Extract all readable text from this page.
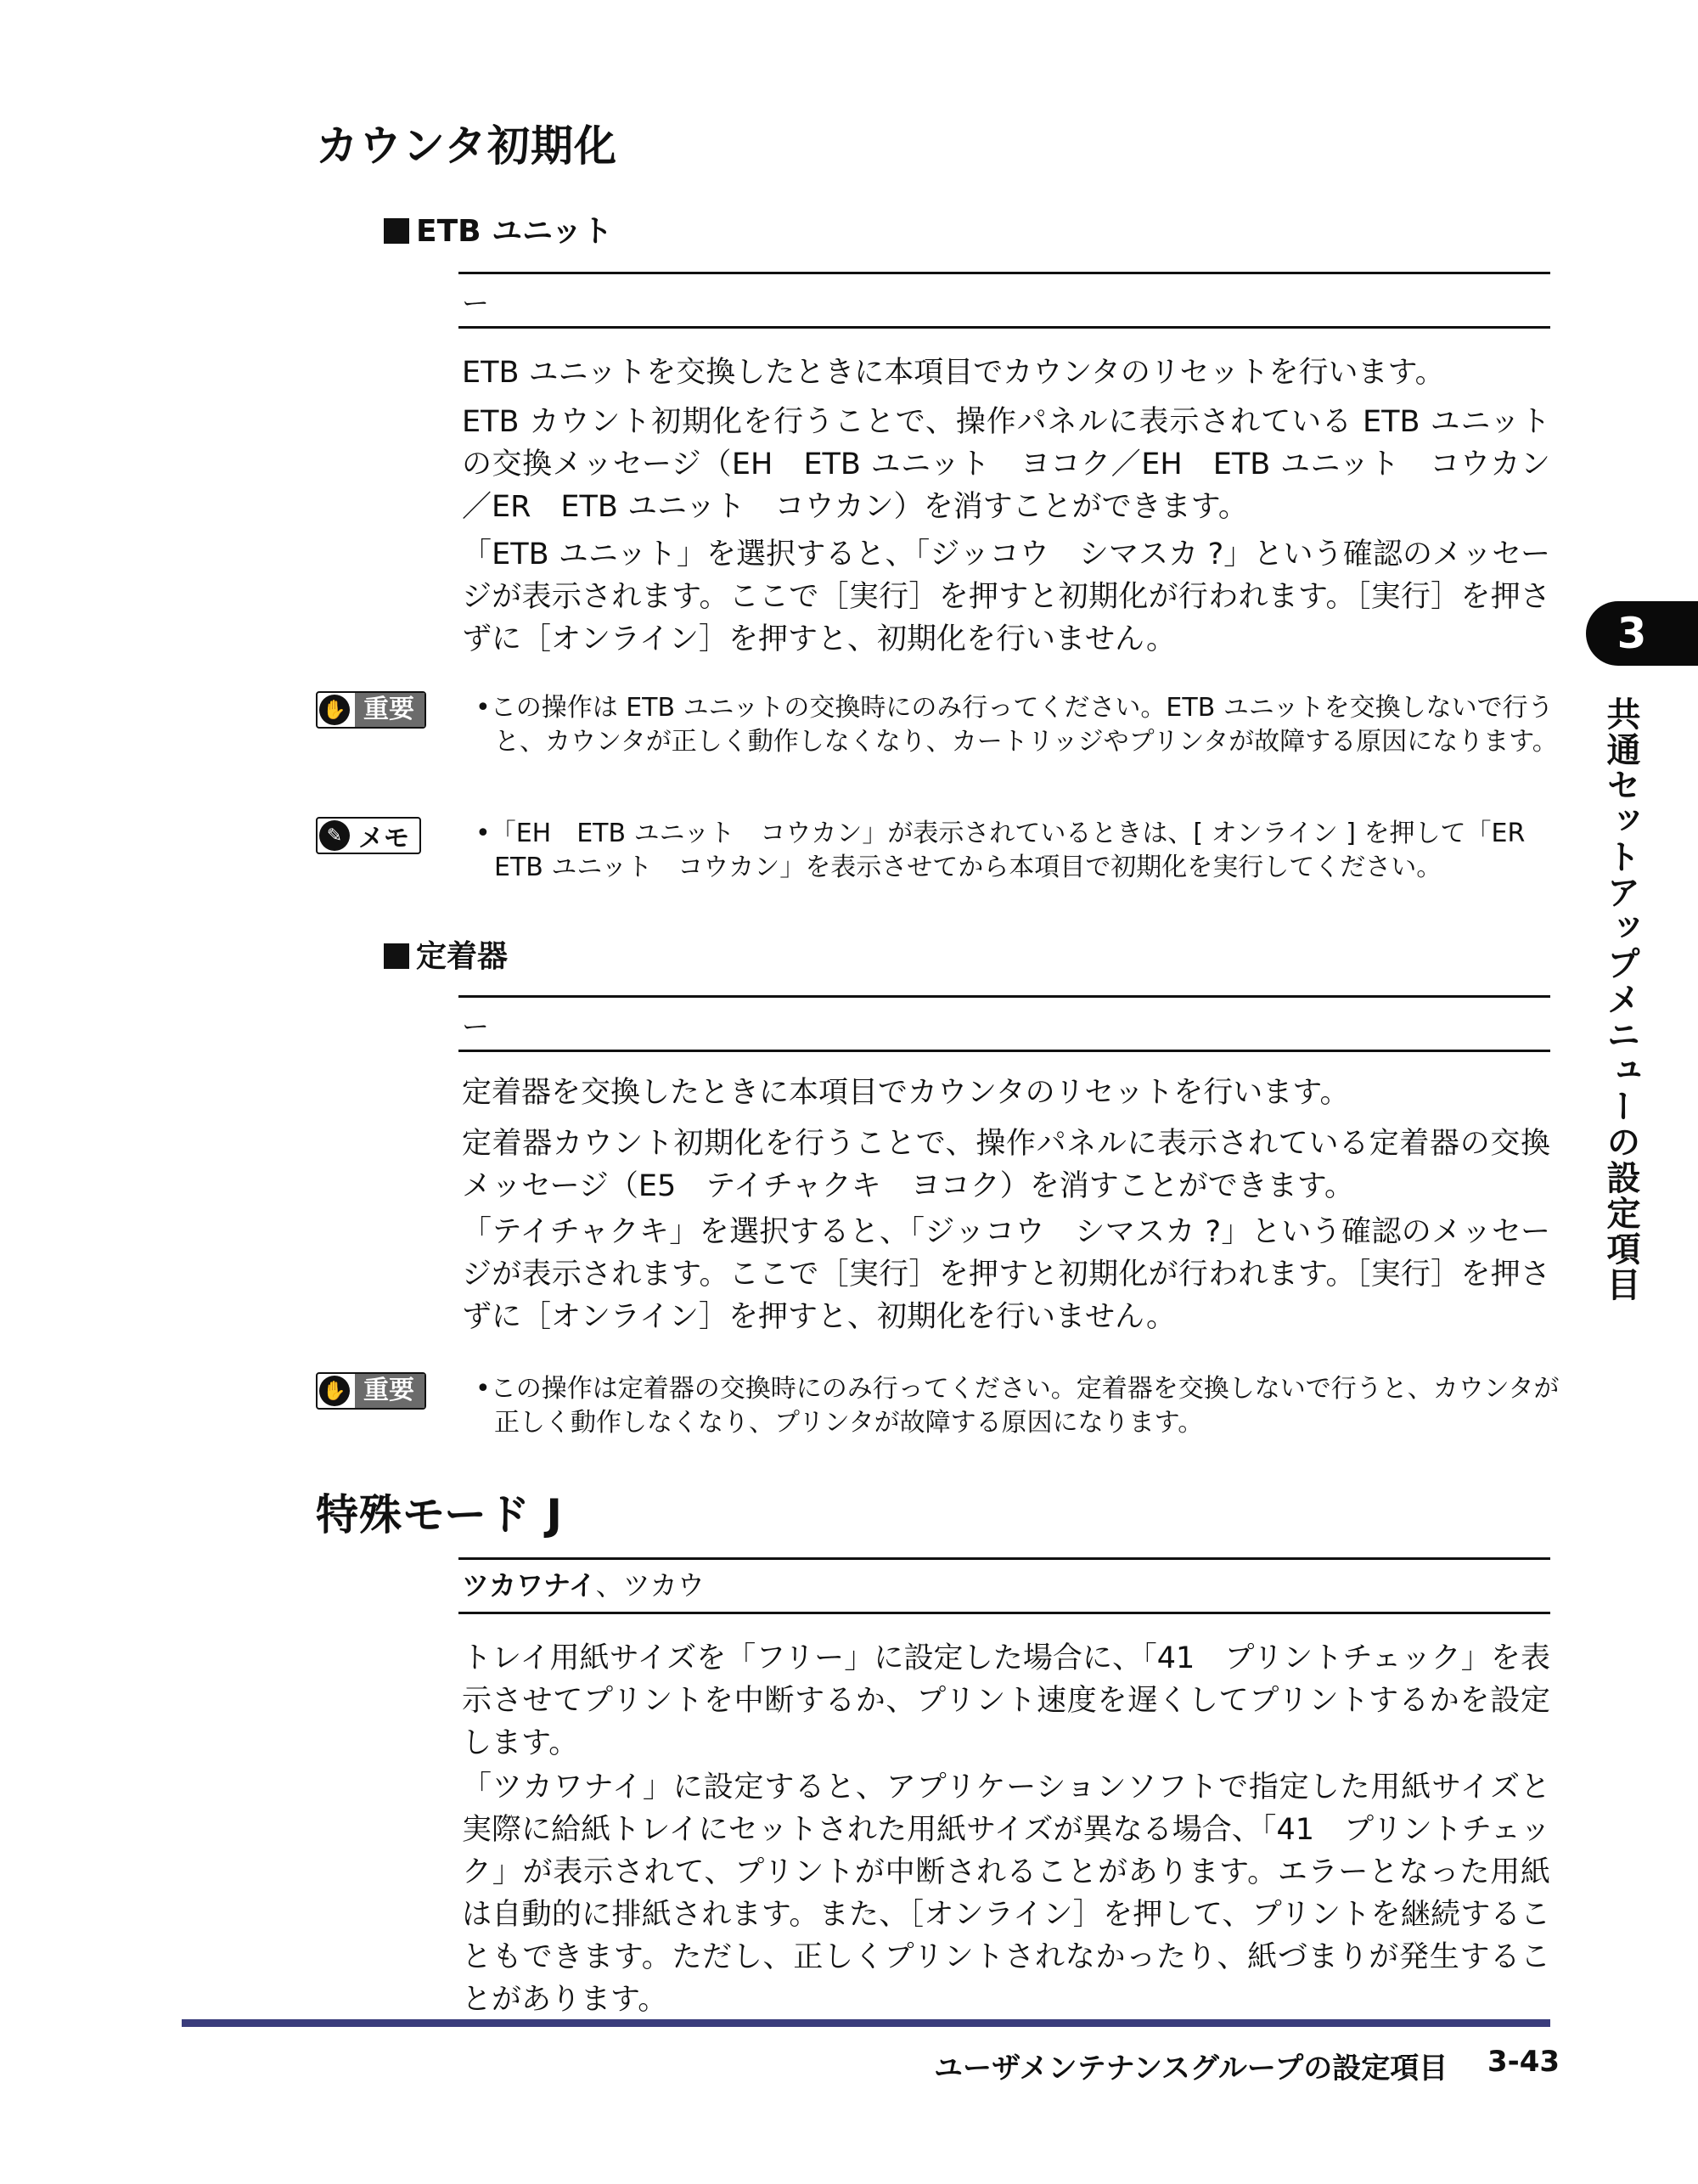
カウンタ初期化
ETB ユニット
ー

ETB ユニットを交換したときに本項目でカウンタのリセットを行います。

ETB カウント初期化を行うことで、操作パネルに表示されている ETB ユニットの交換メッセージ（EH　ETB ユニット　ヨコク／EH　ETB ユニット　コウカン／ER　ETB ユニット　コウカン）を消すことができます。

「ETB ユニット」を選択すると、「ジッコウ　シマスカ ?」という確認のメッセージが表示されます。ここで［実行］を押すと初期化が行われます。［実行］を押さずに［オンライン］を押すと、初期化を行いません。

✋ 重要	•この操作は ETB ユニットの交換時にのみ行ってください。ETB ユニットを交換しないで行うと、カウンタが正しく動作しなくなり、カートリッジやプリンタが故障する原因になります。

✎ メモ	•「EH　ETB ユニット　コウカン」が表示されているときは、[ オンライン ] を押して「ER　ETB ユニット　コウカン」を表示させてから本項目で初期化を実行してください。

定着器
ー

定着器を交換したときに本項目でカウンタのリセットを行います。

定着器カウント初期化を行うことで、操作パネルに表示されている定着器の交換メッセージ（E5　テイチャクキ　ヨコク）を消すことができます。

「テイチャクキ」を選択すると、「ジッコウ　シマスカ ?」という確認のメッセージが表示されます。ここで［実行］を押すと初期化が行われます。［実行］を押さずに［オンライン］を押すと、初期化を行いません。

✋ 重要	•この操作は定着器の交換時にのみ行ってください。定着器を交換しないで行うと、カウンタが正しく動作しなくなり、プリンタが故障する原因になります。

特殊モード J
ツカワナイ、ツカウ

トレイ用紙サイズを「フリー」に設定した場合に、「41　プリントチェック」を表示させてプリントを中断するか、プリント速度を遅くしてプリントするかを設定します。

「ツカワナイ」に設定すると、アプリケーションソフトで指定した用紙サイズと実際に給紙トレイにセットされた用紙サイズが異なる場合、「41　プリントチェック」が表示されて、プリントが中断されることがあります。エラーとなった用紙は自動的に排紙されます。また、［オンライン］を押して、プリントを継続することもできます。ただし、正しくプリントされなかったり、紙づまりが発生することがあります。

3
共通セットアップメニューの設定項目
ユーザメンテナンスグループの設定項目 3-43
